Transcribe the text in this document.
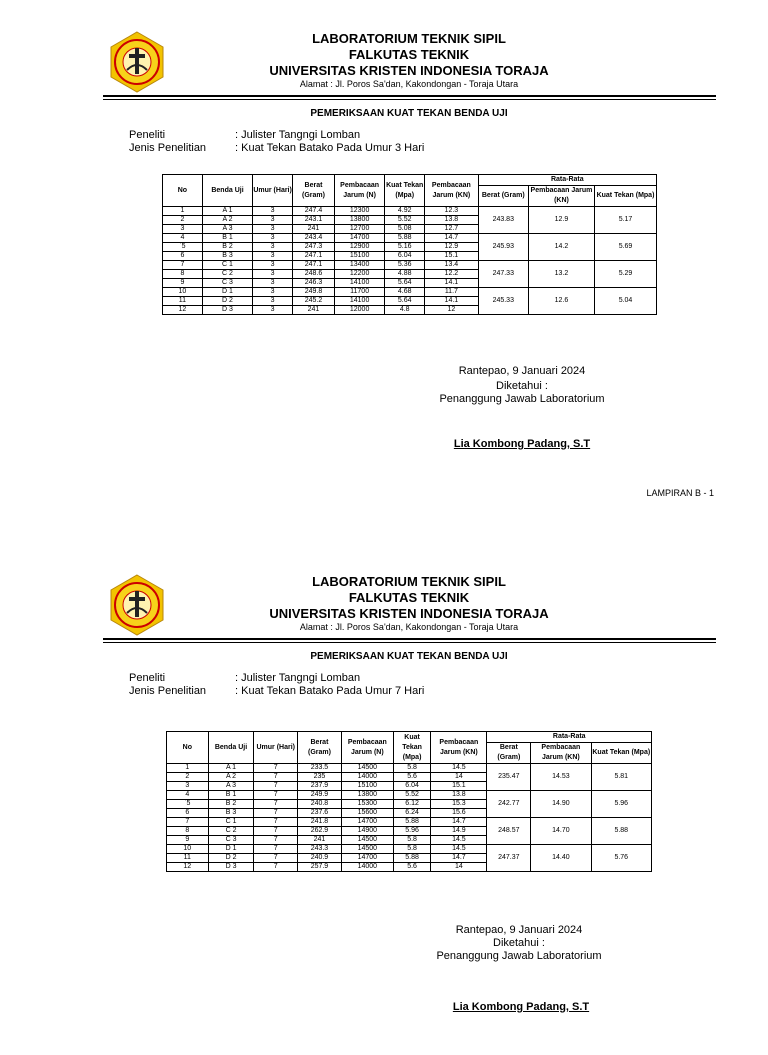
LABORATORIUM TEKNIK SIPIL
FALKUTAS TEKNIK
UNIVERSITAS KRISTEN INDONESIA TORAJA
Alamat : Jl. Poros Sa'dan, Kakondongan - Toraja Utara
PEMERIKSAAN KUAT TEKAN BENDA UJI
Peneliti	: Julister Tangngi Lomban
Jenis Penelitian	: Kuat Tekan Batako Pada Umur 3 Hari
No	Benda Uji	Umur (Hari)	Berat (Gram)	Pembacaan Jarum (N)	Kuat Tekan (Mpa)	Pembacaan Jarum (KN)	Rata-Rata		
							Berat (Gram)	Pembacaan Jarum (KN)	Kuat Tekan (Mpa)
1	A 1	3	247.4	12300	4.92	12.3	243.83	12.9	5.17
2	A 2	3	243.1	13800	5.52	13.8			
3	A 3	3	241	12700	5.08	12.7			
4	B 1	3	243.4	14700	5.88	14.7	245.93	14.2	5.69
`5	B 2	3	247.3	12900	5.16	12.9			
6	B 3	3	247.1	15100	6.04	15.1			
7	C 1	3	247.1	13400	5.36	13.4	247.33	13.2	5.29
8	C 2	3	248.6	12200	4.88	12.2			
9	C 3	3	246.3	14100	5.64	14.1			
10	D 1	3	249.8	11700	4.68	11.7	245.33	12.6	5.04
11	D 2	3	245.2	14100	5.64	14.1			
12	D 3	3	241	12000	4.8	12			
Rantepao, 9 Januari 2024
Diketahui :
Penanggung Jawab Laboratorium
Lia Kombong Padang, S.T
LAMPIRAN B - 1
LABORATORIUM TEKNIK SIPIL
FALKUTAS TEKNIK
UNIVERSITAS KRISTEN INDONESIA TORAJA
Alamat : Jl. Poros Sa'dan, Kakondongan - Toraja Utara
PEMERIKSAAN KUAT TEKAN BENDA UJI
Peneliti	: Julister Tangngi Lomban
Jenis Penelitian	: Kuat Tekan Batako Pada Umur 7 Hari
No	Benda Uji	Umur (Hari)	Berat (Gram)	Pembacaan Jarum (N)	Kuat Tekan (Mpa)	Pembacaan Jarum (KN)	Rata-Rata		
							Berat (Gram)	Pembacaan Jarum (KN)	Kuat Tekan (Mpa)
1	A 1	7	233.5	14500	5.8	14.5	235.47	14.53	5.81
2	A 2	7	235	14000	5.6	14			
3	A 3	7	237.9	15100	6.04	15.1			
4	B 1	7	249.9	13800	5.52	13.8	242.77	14.90	5.96
`5	B 2	7	240.8	15300	6.12	15.3			
6	B 3	7	237.6	15600	6.24	15.6			
7	C 1	7	241.8	14700	5.88	14.7	248.57	14.70	5.88
8	C 2	7	262.9	14900	5.96	14.9			
9	C 3	7	241	14500	5.8	14.5			
10	D 1	7	243.3	14500	5.8	14.5	247.37	14.40	5.76
11	D 2	7	240.9	14700	5.88	14.7			
12	D 3	7	257.9	14000	5.6	14			
Rantepao, 9 Januari 2024
Diketahui :
Penanggung Jawab Laboratorium
Lia Kombong Padang, S.T
